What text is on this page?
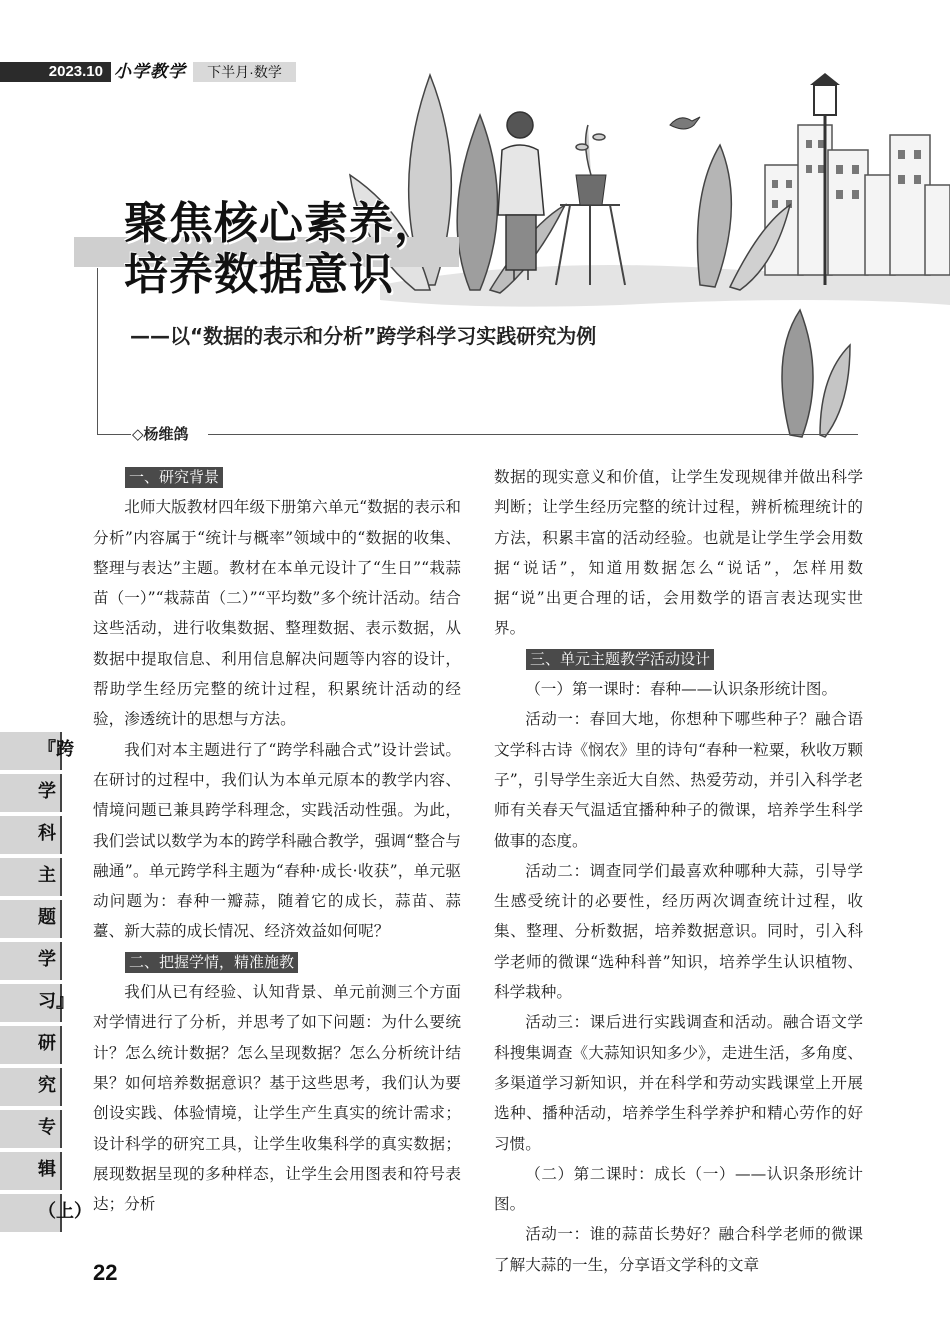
2023.10 小学教学	下半月·数学
聚焦核心素养，
培养数据意识
——以“数据的表示和分析”跨学科学习实践研究为例
◇杨维鸽
一、研究背景

北师大版教材四年级下册第六单元“数据的表示和分析”内容属于“统计与概率”领域中的“数据的收集、整理与表达”主题。教材在本单元设计了“生日”“栽蒜苗（一）”“栽蒜苗（二）”“平均数”多个统计活动。结合这些活动，进行收集数据、整理数据、表示数据，从数据中提取信息、利用信息解决问题等内容的设计，帮助学生经历完整的统计过程，积累统计活动的经验，渗透统计的思想与方法。

我们对本主题进行了“跨学科融合式”设计尝试。在研讨的过程中，我们认为本单元原本的教学内容、情境问题已兼具跨学科理念，实践活动性强。为此，我们尝试以数学为本的跨学科融合教学，强调“整合与融通”。单元跨学科主题为“春种·成长·收获”，单元驱动问题为：春种一瓣蒜，随着它的成长，蒜苗、蒜薹、新大蒜的成长情况、经济效益如何呢？

二、把握学情，精准施教

我们从已有经验、认知背景、单元前测三个方面对学情进行了分析，并思考了如下问题：为什么要统计？怎么统计数据？怎么呈现数据？怎么分析统计结果？如何培养数据意识？基于这些思考，我们认为要创设实践、体验情境，让学生产生真实的统计需求；设计科学的研究工具，让学生收集科学的真实数据；展现数据呈现的多种样态，让学生会用图表和符号表达；分析

数据的现实意义和价值，让学生发现规律并做出科学判断；让学生经历完整的统计过程，辨析梳理统计的方法，积累丰富的活动经验。也就是让学生学会用数据“说话”，知道用数据怎么“说话”，怎样用数据“说”出更合理的话，会用数学的语言表达现实世界。

三、单元主题教学活动设计

（一）第一课时：春种——认识条形统计图。

活动一：春回大地，你想种下哪些种子？融合语文学科古诗《悯农》里的诗句“春种一粒粟，秋收万颗子”，引导学生亲近大自然、热爱劳动，并引入科学老师有关春天气温适宜播种种子的微课，培养学生科学做事的态度。

活动二：调查同学们最喜欢种哪种大蒜，引导学生感受统计的必要性，经历两次调查统计过程，收集、整理、分析数据，培养数据意识。同时，引入科学老师的微课“选种科普”知识，培养学生认识植物、科学栽种。

活动三：课后进行实践调查和活动。融合语文学科搜集调查《大蒜知识知多少》，走进生活，多角度、多渠道学习新知识，并在科学和劳动实践课堂上开展选种、播种活动，培养学生科学养护和精心劳作的好习惯。

（二）第二课时：成长（一）——认识条形统计图。

活动一：谁的蒜苗长势好？融合科学老师的微课了解大蒜的一生，分享语文学科的文章

『跨
学
科
主
题
学
习』
研
究
专
辑
（上）
22
